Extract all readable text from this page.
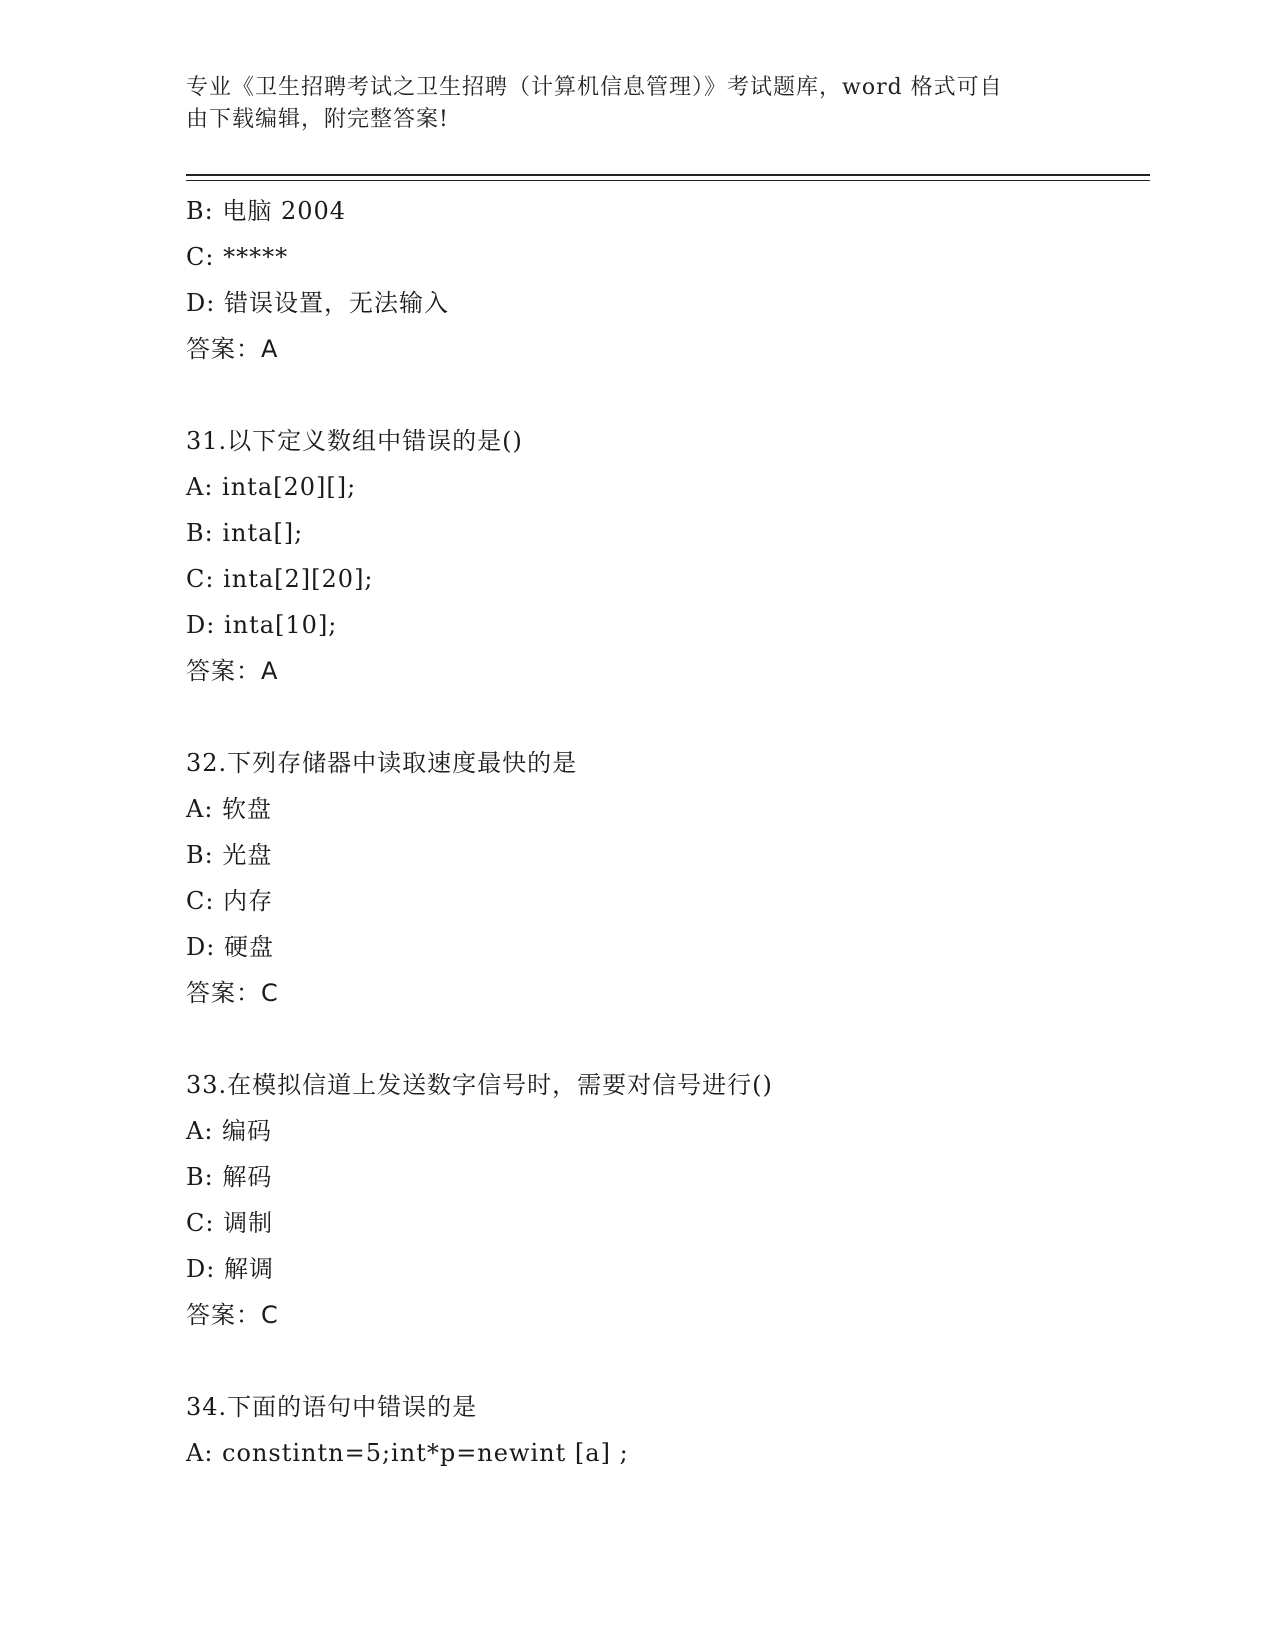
专业《卫生招聘考试之卫生招聘（计算机信息管理）》考试题库，word 格式可自
由下载编辑，附完整答案!
B: 电脑 2004
C: *****
D: 错误设置，无法输入
答案：A
31.以下定义数组中错误的是()
A: inta[20][];
B: inta[];
C: inta[2][20];
D: inta[10];
答案：A
32.下列存储器中读取速度最快的是
A: 软盘
B: 光盘
C: 内存
D: 硬盘
答案：C
33.在模拟信道上发送数字信号时，需要对信号进行()
A: 编码
B: 解码
C: 调制
D: 解调
答案：C
34.下面的语句中错误的是
A: constintn=5;int*p=newint [a] ;
